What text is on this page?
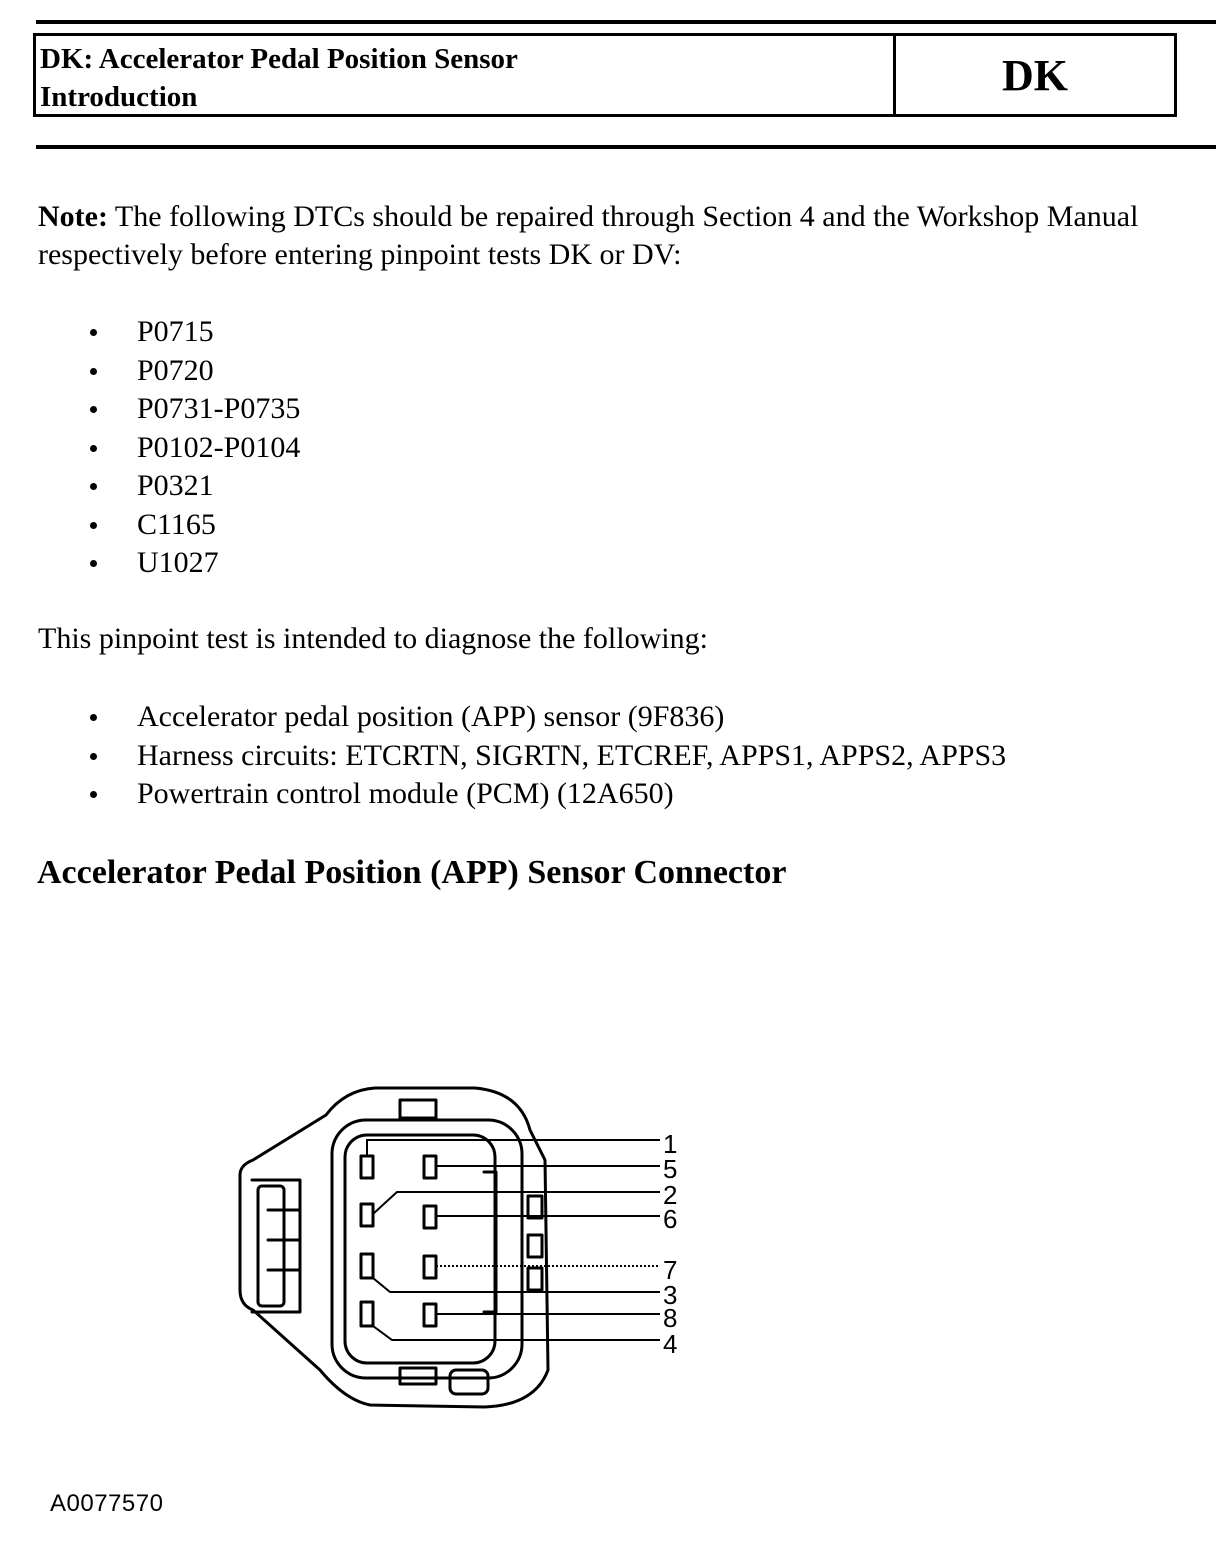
DK: Accelerator Pedal Position Sensor
Introduction	DK
Note: The following DTCs should be repaired through Section 4 and the Workshop Manual respectively before entering pinpoint tests DK or DV:
P0715
P0720
P0731-P0735
P0102-P0104
P0321
C1165
U1027
This pinpoint test is intended to diagnose the following:
Accelerator pedal position (APP) sensor (9F836)
Harness circuits: ETCRTN, SIGRTN, ETCREF, APPS1, APPS2, APPS3
Powertrain control module (PCM) (12A650)
Accelerator Pedal Position (APP) Sensor Connector
1
5
2
6
7
3
8
4
A0077570
